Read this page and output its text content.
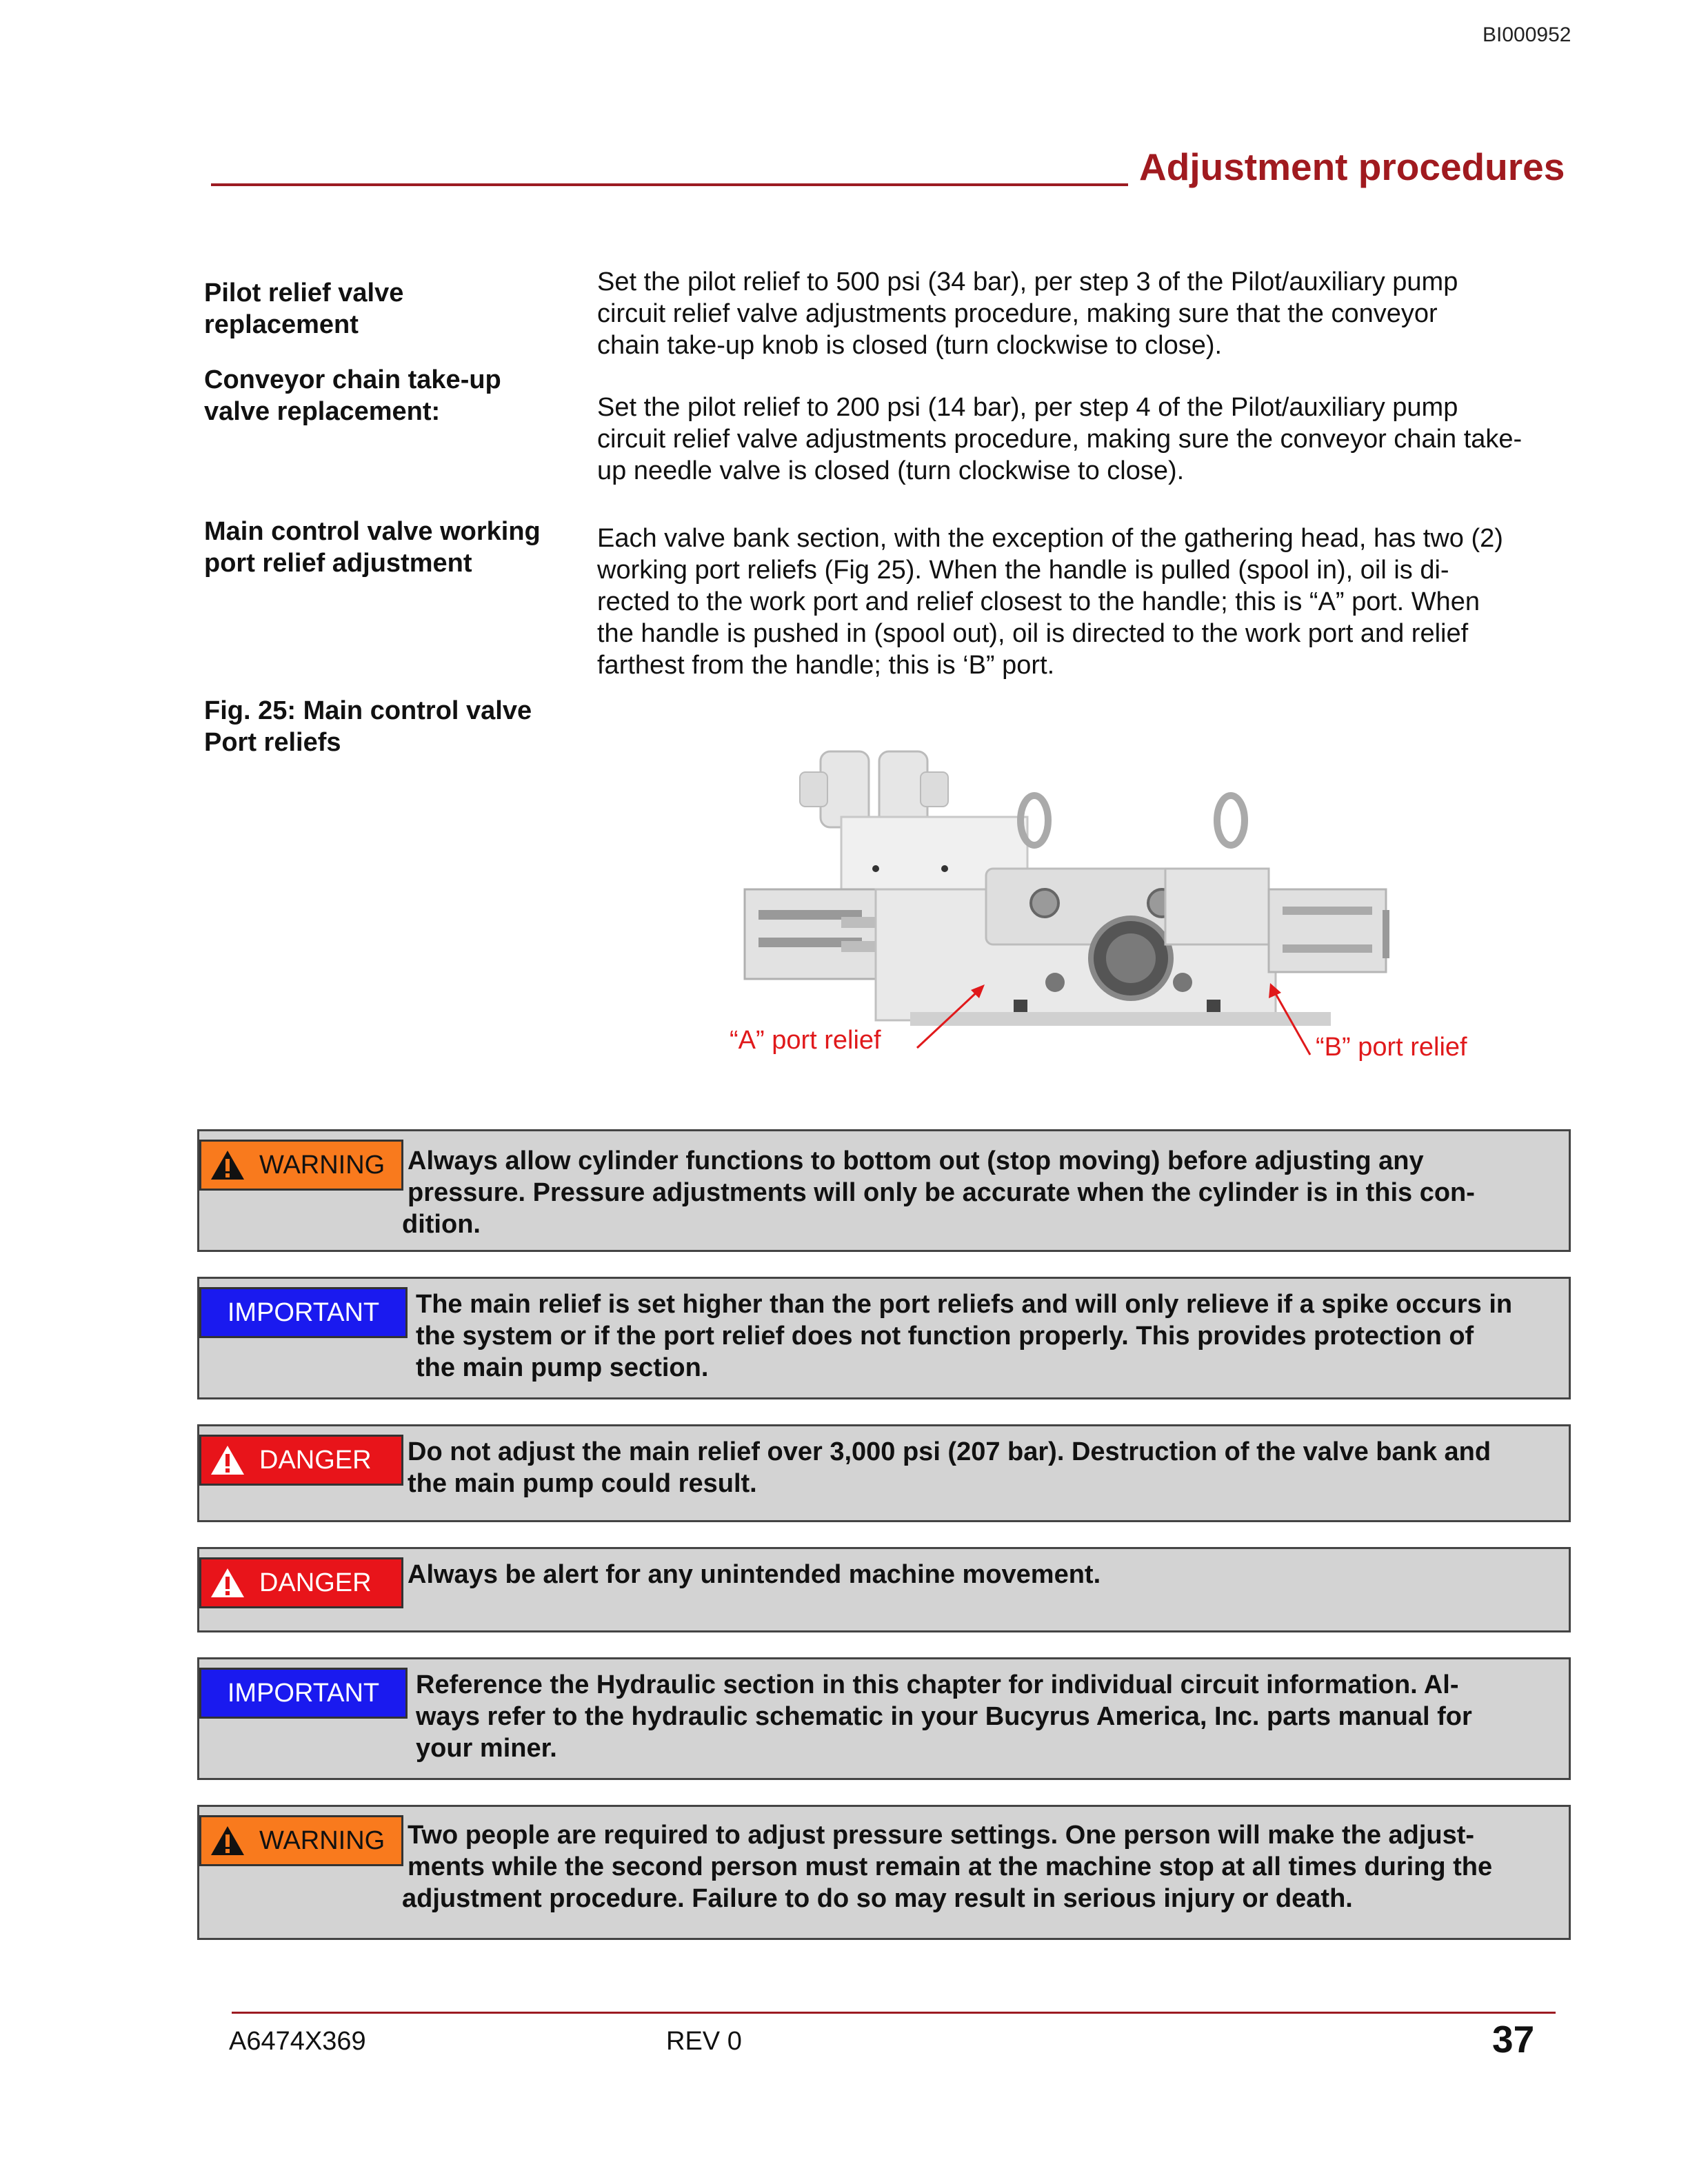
BI000952
Adjustment procedures
Pilot relief valve
replacement
Set the pilot relief to 500 psi (34 bar), per step 3 of the Pilot/auxiliary pump
circuit relief valve adjustments procedure, making sure that the conveyor
chain take-up knob is closed (turn clockwise to close).
Conveyor chain take-up
valve replacement:	Set the pilot relief to 200 psi (14 bar), per step 4 of the Pilot/auxiliary pump
circuit relief valve adjustments procedure, making sure the conveyor chain take-
up needle valve is closed (turn clockwise to close).
Main control valve working
port relief adjustment
Each valve bank section, with the exception of the gathering head, has two (2)
working port reliefs (Fig 25). When the handle is pulled (spool in), oil is di-
rected to the work port and relief closest to the handle; this is “A” port. When
the handle is pushed in (spool out), oil is directed to the work port and relief
farthest from the handle; this is ‘B” port.
Fig. 25: Main control valve
Port reliefs
“A” port relief	“B” port relief
WARNING Always allow cylinder functions to bottom out (stop moving) before adjusting any
pressure. Pressure adjustments will only be accurate when the cylinder is in this con-
dition.
IMPORTANT The main relief is set higher than the port reliefs and will only relieve if a spike occurs in
the system or if the port relief does not function properly. This provides protection of
the main pump section.
DANGER Do not adjust the main relief over 3,000 psi (207 bar). Destruction of the valve bank and
the main pump could result.
DANGER Always be alert for any unintended machine movement.
IMPORTANT Reference the Hydraulic section in this chapter for individual circuit information. Al-
ways refer to the hydraulic schematic in your Bucyrus America, Inc. parts manual for
your miner.
WARNING Two people are required to adjust pressure settings. One person will make the adjust-
ments while the second person must remain at the machine stop at all times during the
adjustment procedure. Failure to do so may result in serious injury or death.
A6474X369	REV 0	37
